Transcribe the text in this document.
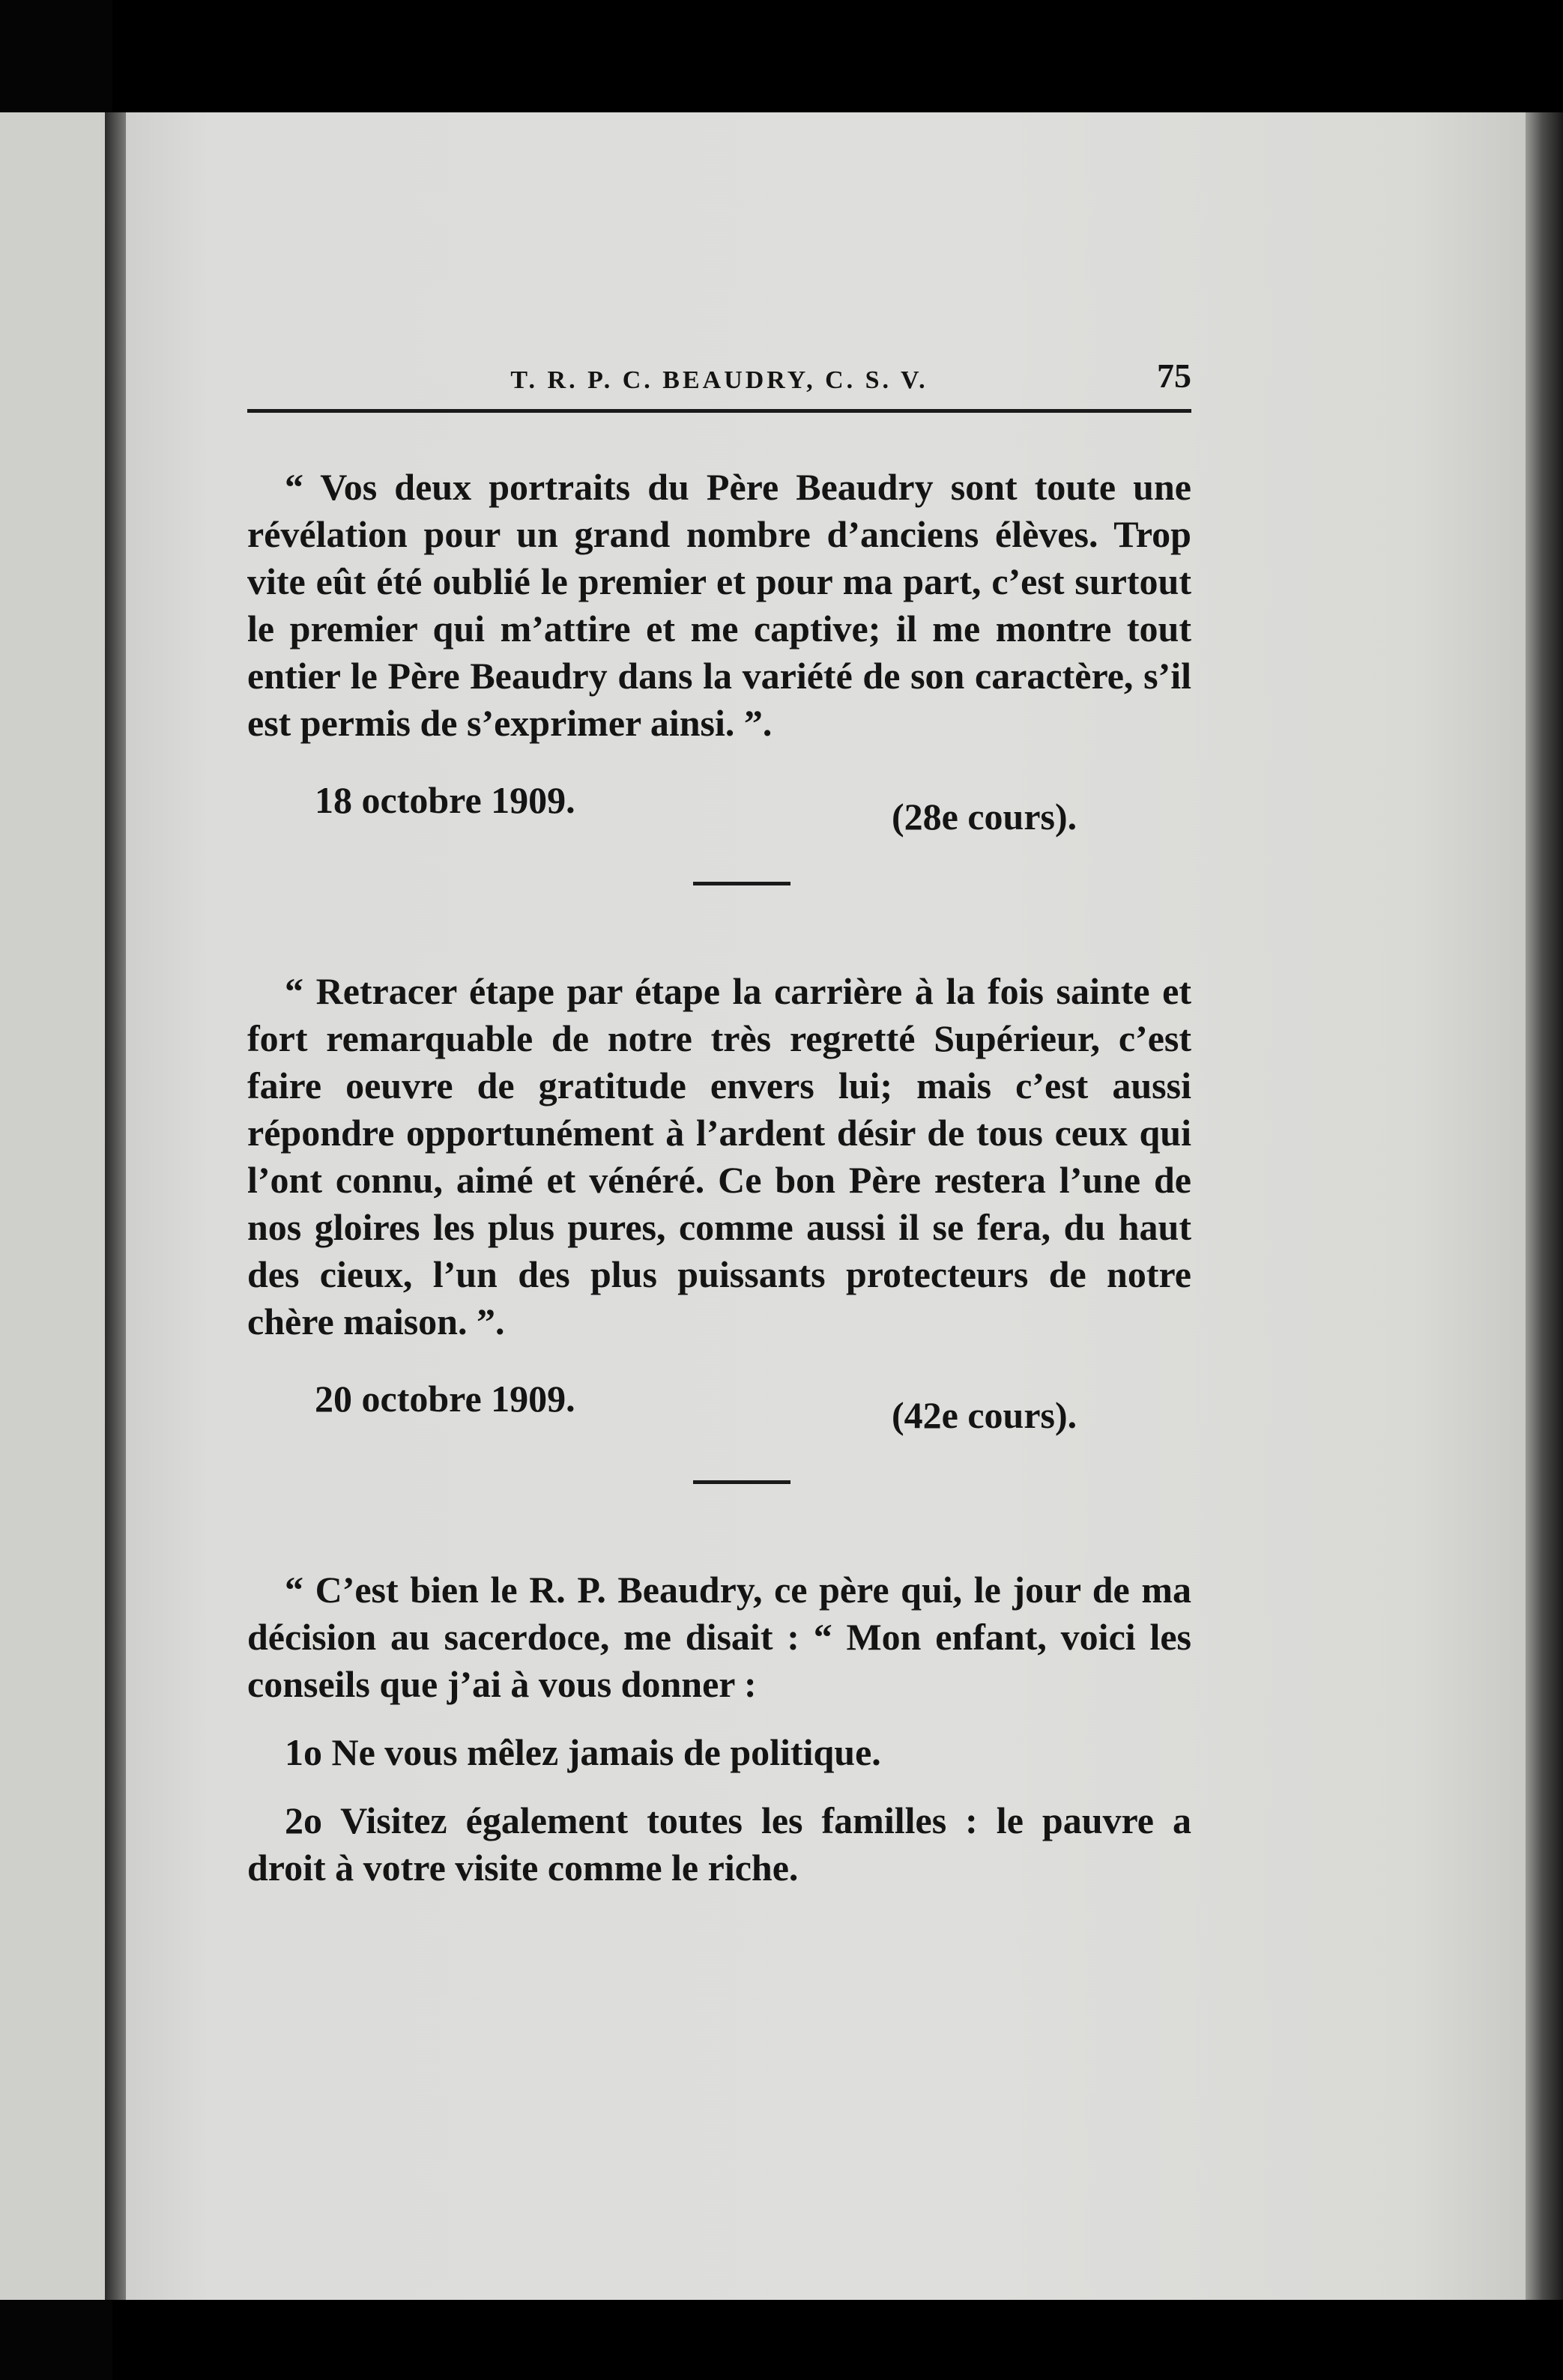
T. R. P. C. BEAUDRY, C. S. V.	75

“ Vos deux portraits du Père Beaudry sont toute une révélation pour un grand nombre d’anciens élèves. Trop vite eût été oublié le premier et pour ma part, c’est surtout le premier qui m’attire et me captive; il me montre tout entier le Père Beaudry dans la variété de son caractère, s’il est permis de s’exprimer ainsi. ”.

18 octobre 1909.	(28e cours).

“ Retracer étape par étape la carrière à la fois sainte et fort remarquable de notre très regretté Supérieur, c’est faire oeuvre de gratitude envers lui; mais c’est aussi répondre opportunément à l’ardent désir de tous ceux qui l’ont connu, aimé et vénéré. Ce bon Père restera l’une de nos gloires les plus pures, comme aussi il se fera, du haut des cieux, l’un des plus puissants protecteurs de notre chère maison. ”.

20 octobre 1909.	(42e cours).

“ C’est bien le R. P. Beaudry, ce père qui, le jour de ma décision au sacerdoce, me disait : “ Mon enfant, voici les conseils que j’ai à vous donner :

1o Ne vous mêlez jamais de politique.

2o Visitez également toutes les familles : le pauvre a droit à votre visite comme le riche.
